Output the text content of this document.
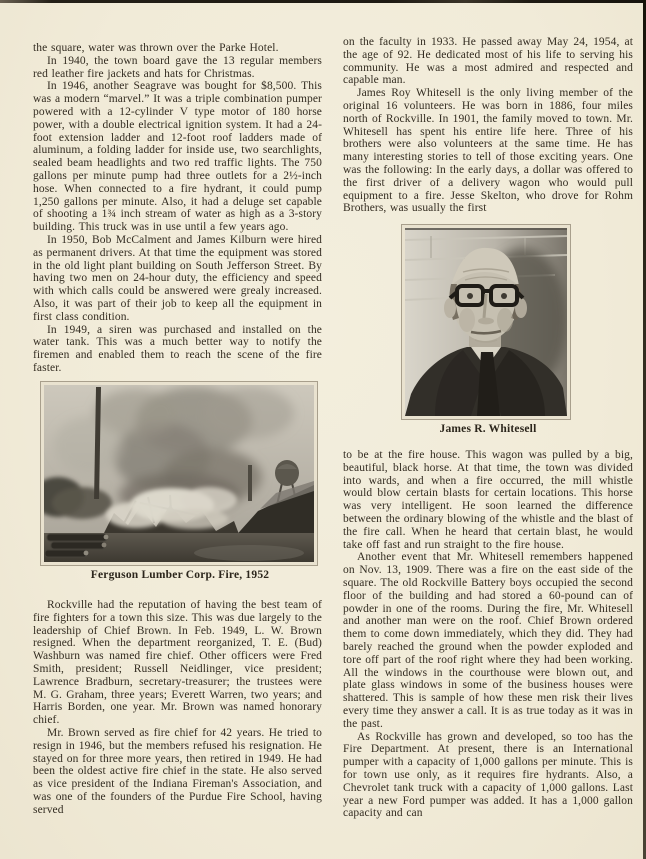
the square, water was thrown over the Parke Hotel.

In 1940, the town board gave the 13 regular members red leather fire jackets and hats for Christmas.

In 1946, another Seagrave was bought for $8,500. This was a modern “marvel.” It was a triple combination pumper powered with a 12-cylinder V type motor of 180 horse power, with a double electrical ignition system. It had a 24-foot extension ladder and 12-foot roof ladders made of aluminum, a folding ladder for inside use, two searchlights, sealed beam headlights and two red traffic lights. The 750 gallons per minute pump had three outlets for a 2½-inch hose. When connected to a fire hydrant, it could pump 1,250 gallons per minute. Also, it had a deluge set capable of shooting a 1¾ inch stream of water as high as a 3-story building. This truck was in use until a few years ago.

In 1950, Bob McCalment and James Kilburn were hired as permanent drivers. At that time the equipment was stored in the old light plant building on South Jefferson Street. By having two men on 24-hour duty, the efficiency and speed with which calls could be answered were grealy increased. Also, it was part of their job to keep all the equipment in first class condition.

In 1949, a siren was purchased and installed on the water tank. This was a much better way to notify the firemen and enabled them to reach the scene of the fire faster.

Ferguson Lumber Corp. Fire, 1952

Rockville had the reputation of having the best team of fire fighters for a town this size. This was due largely to the leadership of Chief Brown. In Feb. 1949, L. W. Brown resigned. When the department reorganized, T. E. (Bud) Washburn was named fire chief. Other officers were Fred Smith, president; Russell Neidlinger, vice president; Lawrence Bradburn, secretary-treasurer; the trustees were M. G. Graham, three years; Everett Warren, two years; and Harris Borden, one year. Mr. Brown was named honorary chief.

Mr. Brown served as fire chief for 42 years. He tried to resign in 1946, but the members refused his resignation. He stayed on for three more years, then retired in 1949. He had been the oldest active fire chief in the state. He also served as vice president of the Indiana Fireman's Association, and was one of the founders of the Purdue Fire School, having served

on the faculty in 1933. He passed away May 24, 1954, at the age of 92. He dedicated most of his life to serving his community. He was a most admired and respected and capable man.

James Roy Whitesell is the only living member of the original 16 volunteers. He was born in 1886, four miles north of Rockville. In 1901, the family moved to town. Mr. Whitesell has spent his entire life here. Three of his brothers were also volunteers at the same time. He has many interesting stories to tell of those exciting years. One was the following: In the early days, a dollar was offered to the first driver of a delivery wagon who would pull equipment to a fire. Jesse Skelton, who drove for Rohm Brothers, was usually the first

James R. Whitesell

to be at the fire house. This wagon was pulled by a big, beautiful, black horse. At that time, the town was divided into wards, and when a fire occurred, the mill whistle would blow certain blasts for certain locations. This horse was very intelligent. He soon learned the difference between the ordinary blowing of the whistle and the blast of the fire call. When he heard that certain blast, he would take off fast and run straight to the fire house.

Another event that Mr. Whitesell remembers happened on Nov. 13, 1909. There was a fire on the east side of the square. The old Rockville Battery boys occupied the second floor of the building and had stored a 60-pound can of powder in one of the rooms. During the fire, Mr. Whitesell and another man were on the roof. Chief Brown ordered them to come down immediately, which they did. They had barely reached the ground when the powder exploded and tore off part of the roof right where they had been working. All the windows in the courthouse were blown out, and plate glass windows in some of the business houses were shattered. This is sample of how these men risk their lives every time they answer a call. It is as true today as it was in the past.

As Rockville has grown and developed, so too has the Fire Department. At present, there is an International pumper with a capacity of 1,000 gallons per minute. This is for town use only, as it requires fire hydrants. Also, a Chevrolet tank truck with a capacity of 1,000 gallons. Last year a new Ford pumper was added. It has a 1,000 gallon capacity and can
